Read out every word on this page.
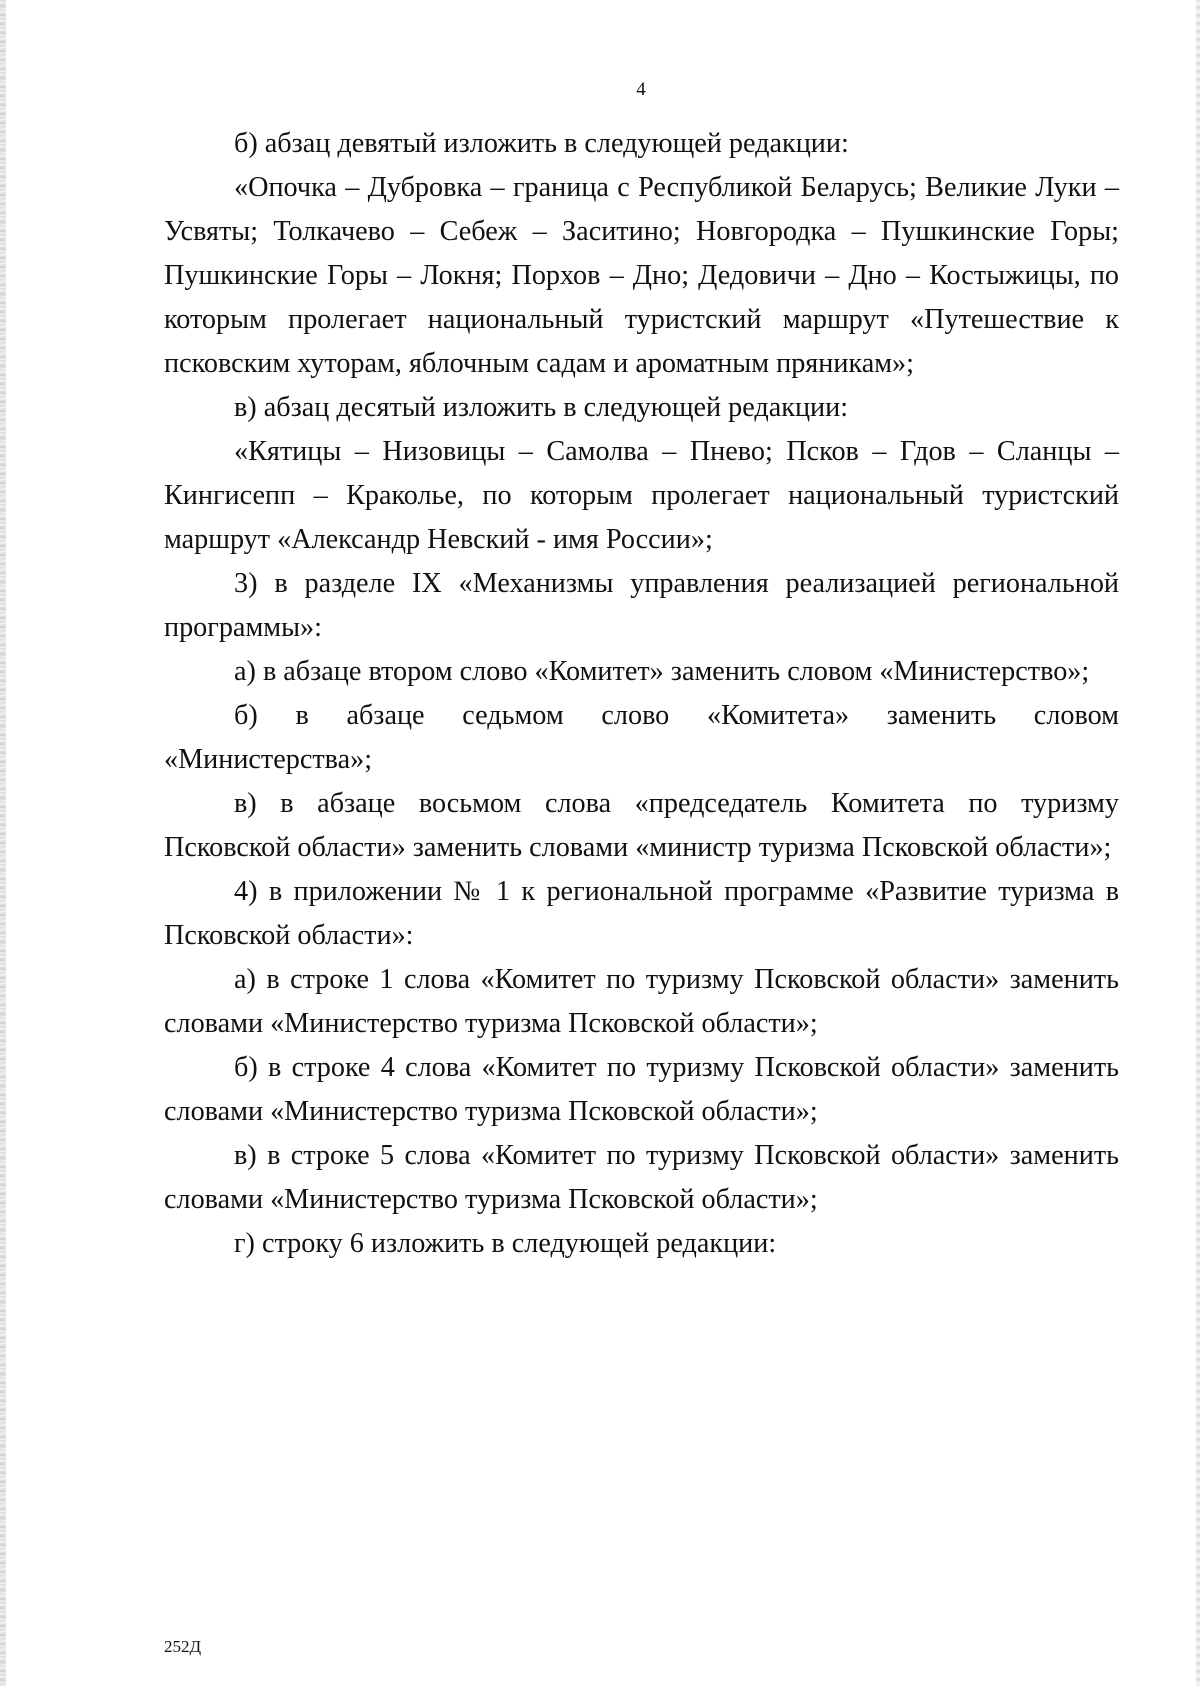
4

б) абзац девятый изложить в следующей редакции:

«Опочка – Дубровка – граница с Республикой Беларусь; Великие Луки – Усвяты; Толкачево – Себеж – Заситино; Новгородка – Пушкинские Горы; Пушкинские Горы – Локня; Порхов – Дно; Дедовичи – Дно – Костыжицы, по которым пролегает национальный туристский маршрут «Путешествие к псковским хуторам, яблочным садам и ароматным пряникам»;

в) абзац десятый изложить в следующей редакции:

«Кятицы – Низовицы – Самолва – Пнево; Псков – Гдов – Сланцы – Кингисепп – Краколье, по которым пролегает национальный туристский маршрут «Александр Невский - имя России»;

3) в разделе IX «Механизмы управления реализацией региональной программы»:

а) в абзаце втором слово «Комитет» заменить словом «Министерство»;

б) в абзаце седьмом слово «Комитета» заменить словом «Министерства»;

в) в абзаце восьмом слова «председатель Комитета по туризму Псковской области» заменить словами «министр туризма Псковской области»;

4) в приложении № 1 к региональной программе «Развитие туризма в Псковской области»:

а) в строке 1 слова «Комитет по туризму Псковской области» заменить словами «Министерство туризма Псковской области»;

б) в строке 4 слова «Комитет по туризму Псковской области» заменить словами «Министерство туризма Псковской области»;

в) в строке 5 слова «Комитет по туризму Псковской области» заменить словами «Министерство туризма Псковской области»;

г) строку 6 изложить в следующей редакции:

252Д
